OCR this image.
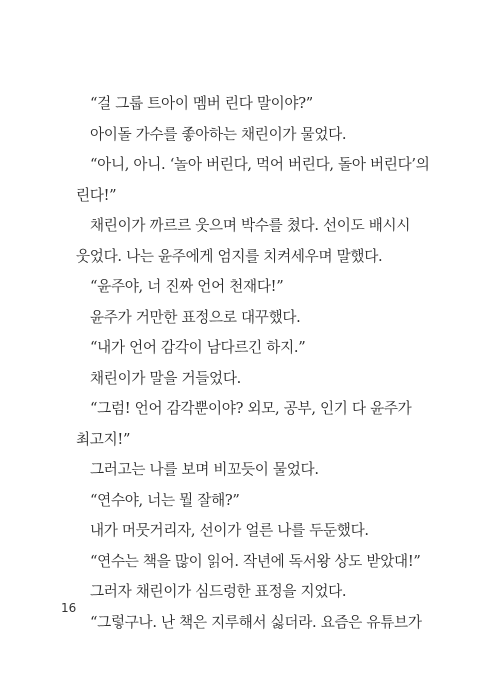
“걸 그룹 트아이 멤버 린다 말이야?”
아이돌 가수를 좋아하는 채린이가 물었다.
“아니, 아니. ‘놀아 버린다, 먹어 버린다, 돌아 버린다’의
린다!”
채린이가 까르르 웃으며 박수를 쳤다. 선이도 배시시
웃었다. 나는 윤주에게 엄지를 치켜세우며 말했다.
“윤주야, 너 진짜 언어 천재다!”
윤주가 거만한 표정으로 대꾸했다.
“내가 언어 감각이 남다르긴 하지.”
채린이가 말을 거들었다.
“그럼! 언어 감각뿐이야? 외모, 공부, 인기 다 윤주가
최고지!”
그러고는 나를 보며 비꼬듯이 물었다.
“연수야, 너는 뭘 잘해?”
내가 머뭇거리자, 선이가 얼른 나를 두둔했다.
“연수는 책을 많이 읽어. 작년에 독서왕 상도 받았대!”
그러자 채린이가 심드렁한 표정을 지었다.
“그렇구나. 난 책은 지루해서 싫더라. 요즘은 유튜브가
16
